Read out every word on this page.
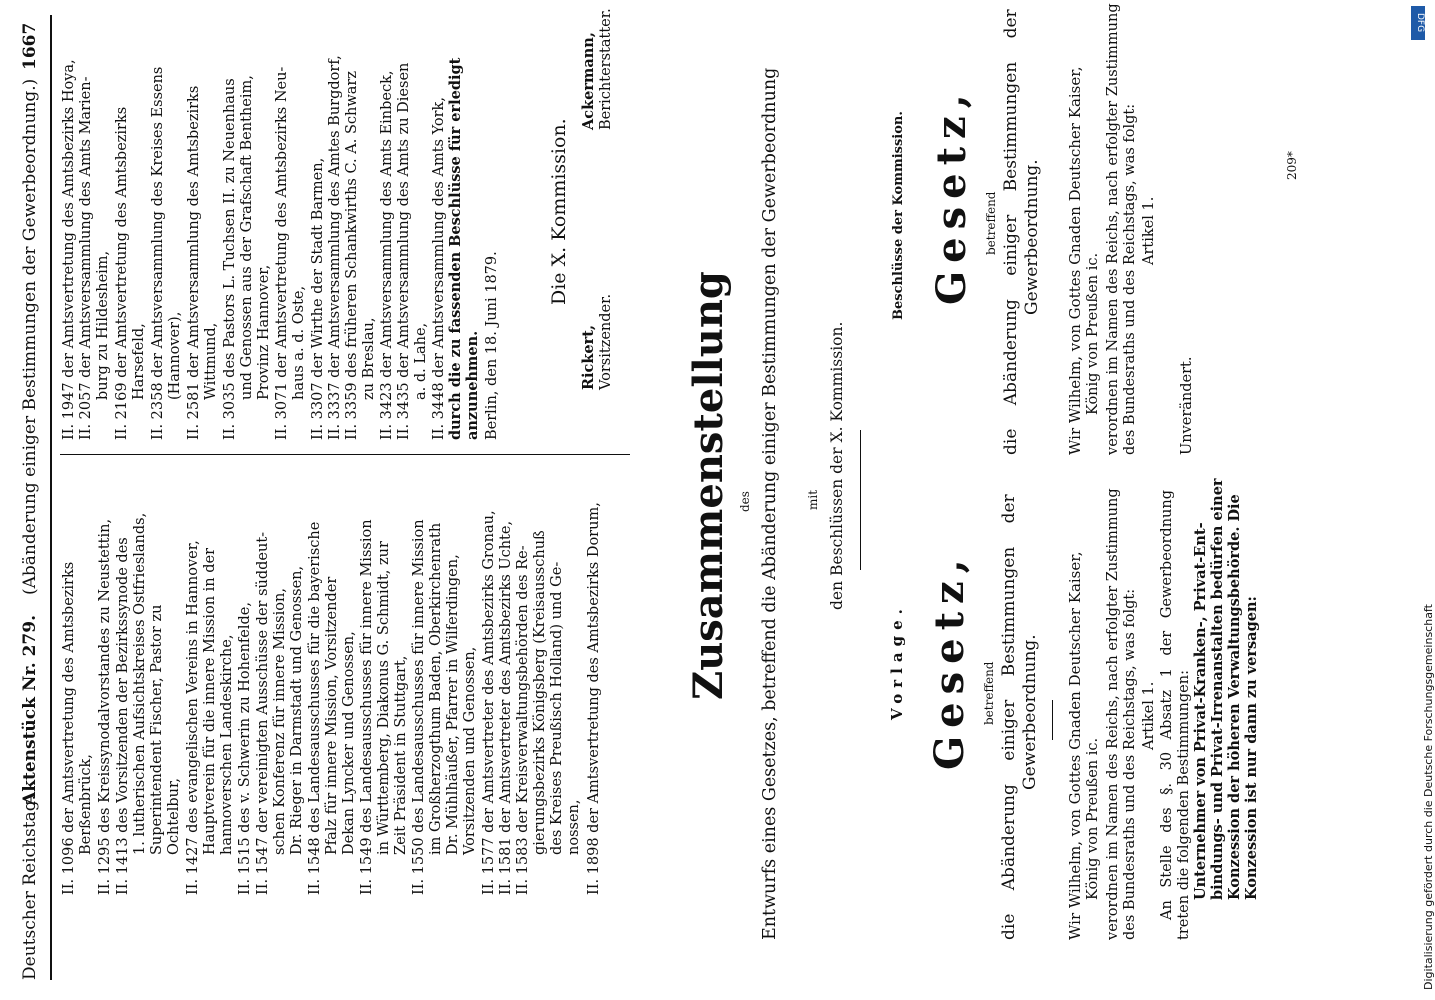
Deutscher Reichstag.
Aktenstück Nr. 279.
(Abänderung einiger Bestimmungen der Gewerbeordnung.)
1667
II. 1096 der Amtsvertretung des Amtsbezirks Berßenbrück, II. 1295 des Kreissynodalvorstandes zu Neustettin, II. 1413 des Vorsitzenden der Bezirkssynode des 1. lutherischen Aufsichtskreises Ostfrieslands, Superintendent Fischer, Pastor zu Ochtelbur, II. 1427 des evangelischen Vereins in Hannover, Hauptverein für die innere Mission in der hannoverschen Landeskirche, II. 1515 des v. Schwerin zu Hohenfelde, II. 1547 der vereinigten Ausschüsse der süddeut- schen Konferenz für innere Mission, Dr. Rieger in Darmstadt und Genossen, II. 1548 des Landesausschusses für die bayerische Pfalz für innere Mission, Vorsitzender Dekan Lyncker und Genossen, II. 1549 des Landesausschusses für innere Mission in Württemberg, Diakonus G. Schmidt, zur Zeit Präsident in Stuttgart, II. 1550 des Landesausschusses für innere Mission im Großherzogthum Baden, Oberkirchenrath Dr. Mühlhäußer, Pfarrer in Wilferdingen, Vorsitzenden und Genossen, II. 1577 der Amtsvertreter des Amtsbezirks Gronau, II. 1581 der Amtsvertreter des Amtsbezirks Uchte, II. 1583 der Kreisverwaltungsbehörden des Re- gierungsbezirks Königsberg (Kreisausschuß des Kreises Preußisch Holland) und Ge- nossen, II. 1898 der Amtsvertretung des Amtsbezirks Dorum,
II. 1947 der Amtsvertretung des Amtsbezirks Hoya, II. 2057 der Amtsversammlung des Amts Marien- burg zu Hildesheim, II. 2169 der Amtsvertretung des Amtsbezirks Harsefeld, II. 2358 der Amtsversammlung des Kreises Essens (Hannover), II. 2581 der Amtsversammlung des Amtsbezirks Wittmund, II. 3035 des Pastors L. Tuchsen II. zu Neuenhaus und Genossen aus der Grafschaft Bentheim, Provinz Hannover, II. 3071 der Amtsvertretung des Amtsbezirks Neu- haus a. d. Oste, II. 3307 der Wirthe der Stadt Barmen, II. 3337 der Amtsversammlung des Amtes Burgdorf, II. 3359 des früheren Schankwirths C. A. Schwarz zu Breslau, II. 3423 der Amtsversammlung des Amts Einbeck, II. 3435 der Amtsversammlung des Amts zu Diesen a. d. Lahe, II. 3448 der Amtsversammlung des Amts York, durch die zu fassenden Beschlüsse für erledigt anzunehmen. Berlin, den 18. Juni 1879.
Die X. Kommission.
Rickert, Vorsitzender.
Ackermann, Berichterstatter.
Zusammenstellung des Entwurfs eines Gesetzes, betreffend die Abänderung einiger Bestimmungen der Gewerbeordnung mit den Beschlüssen der X. Kommission.
Vorlage. Gesetz, betreffend die Abänderung einiger Bestimmungen der Gewerbeordnung. Wir Wilhelm, von Gottes Gnaden Deutscher Kaiser, König von Preußen ic. verordnen im Namen des Reichs, nach erfolgter Zustimmung des Bundesraths und des Reichstags, was folgt: Artikel 1. An Stelle des §. 30 Absatz 1 der Gewerbeordnung treten die folgenden Bestimmungen: Unternehmer von Privat-Kranken-, Privat-Ent- bindungs- und Privat-Irrenanstalten bedürfen einer Konzession der höheren Verwaltungsbehörde. Die Konzession ist nur dann zu versagen:
Beschlüsse der Kommission. Gesetz, betreffend die Abänderung einiger Bestimmungen der Gewerbeordnung. Wir Wilhelm, von Gottes Gnaden Deutscher Kaiser, König von Preußen ic. verordnen im Namen des Reichs, nach erfolgter Zustimmung des Bundesraths und des Reichstags, was folgt: Artikel 1.
Unverändert.
209*
Digitalisierung gefördert durch die Deutsche Forschungsgemeinschaft
DFG
